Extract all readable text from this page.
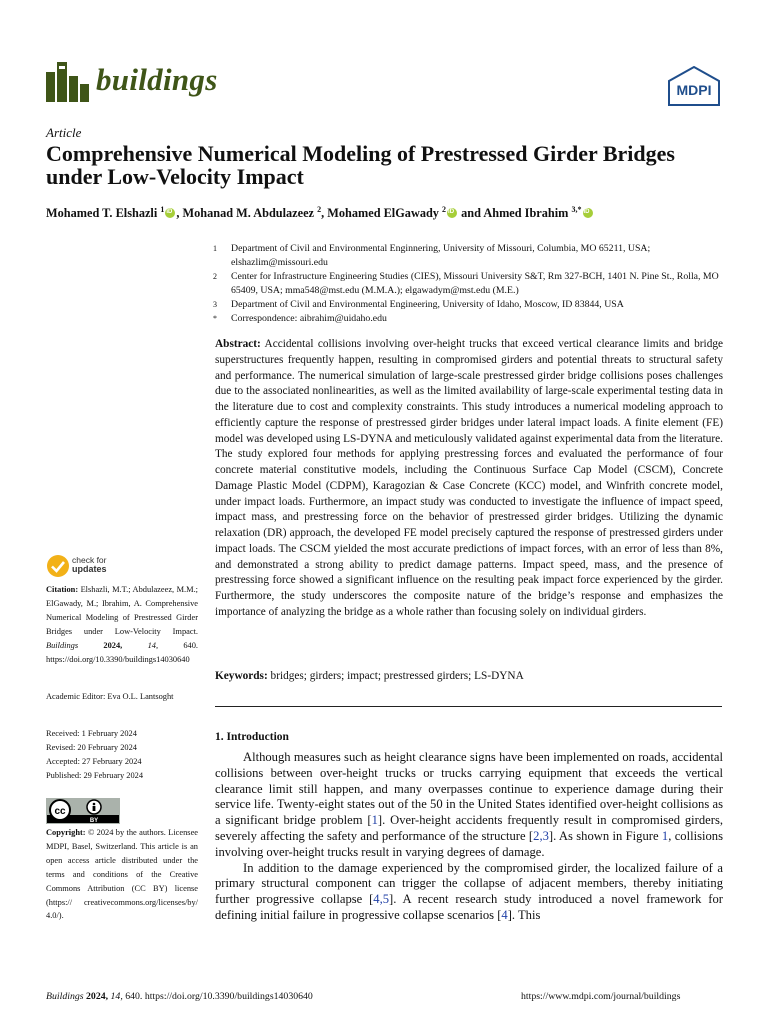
buildings	MDPI
Article
Comprehensive Numerical Modeling of Prestressed Girder Bridges under Low-Velocity Impact
Mohamed T. Elshazli $^1$iD , Mohanad M. Abdulazeez $^2$, Mohamed ElGawady $^2$iD and Ahmed Ibrahim $^{3,*}$iD
1	Department of Civil and Environmental Enginnering, University of Missouri, Columbia, MO 65211, USA; elshazlim@missouri.edu
2	Center for Infrastructure Engineering Studies (CIES), Missouri University S&T, Rm 327-BCH, 1401 N. Pine St., Rolla, MO 65409, USA; mma548@mst.edu (M.M.A.); elgawadym@mst.edu (M.E.)
3	Department of Civil and Environmental Engineering, University of Idaho, Moscow, ID 83844, USA
*	Correspondence: aibrahim@uidaho.edu
Abstract: Accidental collisions involving over-height trucks that exceed vertical clearance limits and bridge superstructures frequently happen, resulting in compromised girders and potential threats to structural safety and performance. The numerical simulation of large-scale prestressed girder bridge collisions poses challenges due to the associated nonlinearities, as well as the limited availability of large-scale experimental testing data in the literature due to cost and complexity constraints. This study introduces a numerical modeling approach to efficiently capture the response of prestressed girder bridges under lateral impact loads. A finite element (FE) model was developed using LS-DYNA and meticulously validated against experimental data from the literature. The study explored four methods for applying prestressing forces and evaluated the performance of four concrete material constitutive models, including the Continuous Surface Cap Model (CSCM), Concrete Damage Plastic Model (CDPM), Karagozian & Case Concrete (KCC) model, and Winfrith concrete model, under impact loads. Furthermore, an impact study was conducted to investigate the influence of impact speed, impact mass, and prestressing force on the behavior of prestressed girder bridges. Utilizing the dynamic relaxation (DR) approach, the developed FE model precisely captured the response of prestressed girders under impact loads. The CSCM yielded the most accurate predictions of impact forces, with an error of less than 8%, and demonstrated a strong ability to predict damage patterns. Impact speed, mass, and the presence of prestressing force showed a significant influence on the resulting peak impact force experienced by the girder. Furthermore, the study underscores the composite nature of the bridge’s response and emphasizes the importance of analyzing the bridge as a whole rather than focusing solely on individual girders.
Keywords: bridges; girders; impact; prestressed girders; LS-DYNA
1. Introduction

Although measures such as height clearance signs have been implemented on roads, accidental collisions between over-height trucks or trucks carrying equipment that exceeds the vertical clearance limit still happen, and many overpasses continue to experience damage during their service life. Twenty-eight states out of the 50 in the United States identified over-height collisions as a significant bridge problem [1]. Over-height accidents frequently result in compromised girders, severely affecting the safety and performance of the structure [2,3]. As shown in Figure 1, collisions involving over-height trucks result in varying degrees of damage.

In addition to the damage experienced by the compromised girder, the localized failure of a primary structural component can trigger the collapse of adjacent members, thereby initiating further progressive collapse [4,5]. A recent research study introduced a novel framework for defining initial failure in progressive collapse scenarios [4]. This

check for
updates
Citation: Elshazli, M.T.; Abdulazeez, M.M.; ElGawady, M.; Ibrahim, A. Comprehensive Numerical Modeling of Prestressed Girder Bridges under Low-Velocity Impact. Buildings	2024,	14,	640. https://doi.org/10.3390/buildings14030640
Academic Editor: Eva O.L. Lantsoght
Received: 1 February 2024
Revised: 20 February 2024
Accepted: 27 February 2024
Published: 29 February 2024
cc
BY
Copyright: © 2024 by the authors. Licensee MDPI, Basel, Switzerland. This article is an open access article distributed under the terms and conditions of the Creative Commons Attribution (CC BY) license (https:// creativecommons.org/licenses/by/ 4.0/).
Buildings 2024, 14, 640. https://doi.org/10.3390/buildings14030640	https://www.mdpi.com/journal/buildings
